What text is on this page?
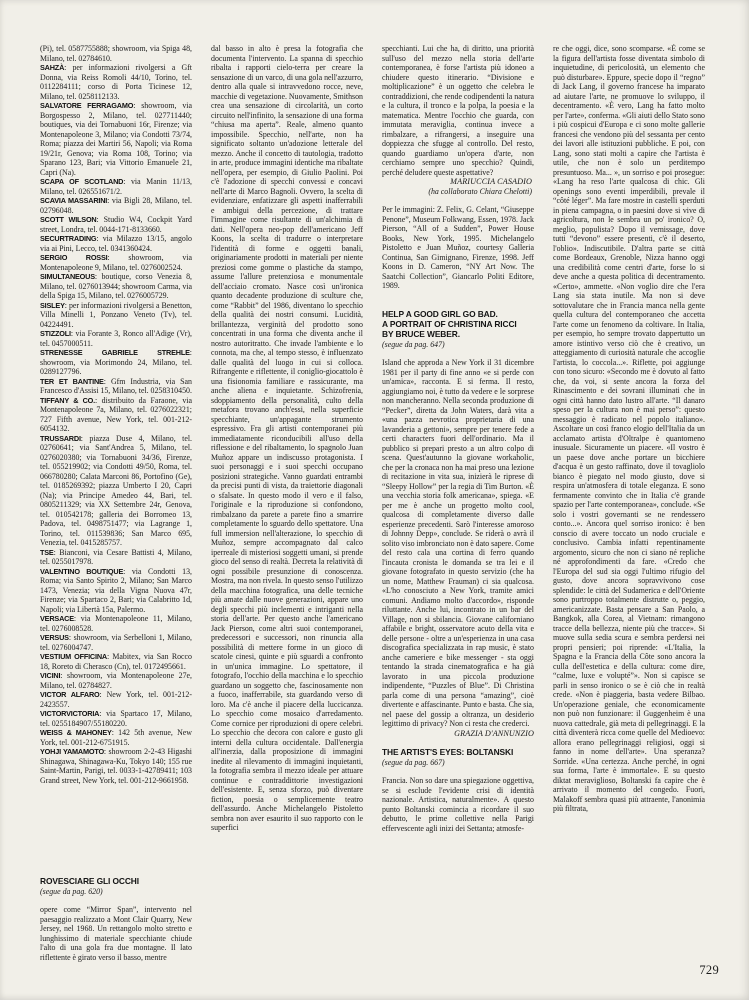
(Pi), tel. 0587755888; showroom, via Spiga 48, Milano, tel. 02784610.

SAHZÀ: per informazioni rivolgersi a Gft Donna, via Reiss Romoli 44/10, Torino, tel. 0112284111; corso di Porta Ticinese 12, Milano, tel. 0258112133.

SALVATORE FERRAGAMO: showroom, via Borgospesso 2, Milano, tel. 027711440; boutiques, via dei Tornabuoni 16r, Firenze; via Montenapoleone 3, Milano; via Condotti 73/74, Roma; piazza dei Martiri 56, Napoli; via Roma 19/21r, Genova; via Roma 108, Torino; via Sparano 123, Bari; via Vittorio Emanuele 21, Capri (Na).

SCAPA OF SCOTLAND: via Manin 11/13, Milano, tel. 026551671/2.

SCAVIA MASSARINI: via Bigli 28, Milano, tel. 02796048.

SCOTT WILSON: Studio W4, Cockpit Yard street, Londra, tel. 0044-171-8133660.

SECURTRADING: via Milazzo 13/15, angolo via ai Pini, Lecco, tel. 0341360424.

SERGIO ROSSI: showroom, via Montenapoleone 9, Milano, tel. 0276002524.

SIMULTANEOUS: boutique, corso Venezia 8, Milano, tel. 0276013944; showroom Carma, via della Spiga 15, Milano, tel. 0276005729.

SISLEY: per informazioni rivolgersi a Benetton, Villa Minelli 1, Ponzano Veneto (Tv), tel. 04224491.

STIZZOLI: via Forante 3, Ronco all'Adige (Vr), tel. 0457000511.

STRENESSE GABRIELE STREHLE: showroom, via Morimondo 24, Milano, tel. 0289127796.

TER ET BANTINE: Gfm Industria, via San Francesco d'Assisi 15, Milano, tel. 0258310450.

TIFFANY & CO.: distribuito da Faraone, via Montenapoleone 7a, Milano, tel. 0276022321; 727 Fifth avenue, New York, tel. 001-212-6054132.

TRUSSARDI: piazza Duse 4, Milano, tel. 02760641; via Sant'Andrea 5, Milano, tel. 0276020380; via Tornabuoni 34/36, Firenze, tel. 055219902; via Condotti 49/50, Roma, tel. 066780280; Calata Marconi 86, Portofino (Ge), tel. 0185269392; piazza Umberto I 20, Capri (Na); via Principe Amedeo 44, Bari, tel. 0805211329; via XX Settembre 24r, Genova, tel. 010542178; galleria dei Borromeo 13, Padova, tel. 0498751477; via Lagrange 1, Torino, tel. 011539836; San Marco 695, Venezia, tel. 0415285757.

TSE: Bianconi, via Cesare Battisti 4, Milano, tel. 0255017978.

VALENTINO BOUTIQUE: via Condotti 13, Roma; via Santo Spirito 2, Milano; San Marco 1473, Venezia; via della Vigna Nuova 47r, Firenze; via Spartaco 2, Bari; via Calabritto 1d, Napoli; via Libertà 15a, Palermo.

VERSACE: via Montenapoleone 11, Milano, tel. 0276008528.

VERSUS: showroom, via Serbelloni 1, Milano, tel. 0276004747.

VESTIUM OFFICINA: Mabitex, via San Rocco 18, Roreto di Cherasco (Cn), tel. 0172495661.

VICINI: showroom, via Montenapoleone 27e, Milano, tel. 02784827.

VICTOR ALFARO: New York, tel. 001-212-2423557.

VICTORVICTORIA: via Spartaco 17, Milano, tel. 0255184907/55180220.

WEISS & MAHONEY: 142 5th avenue, New York, tel. 001-212-6751915.

YOHJI YAMAMOTO: showroom 2-2-43 Higashi Shinagawa, Shinagawa-Ku, Tokyo 140; 155 rue Saint-Martin, Parigi, tel. 0033-1-42789411; 103 Grand street, New York, tel. 001-212-9661958.

ROVESCIARE GLI OCCHI

(segue da pag. 620)

opere come “Mirror Span”, intervento nel paesaggio realizzato a Mont Clair Quarry, New Jersey, nel 1968. Un rettangolo molto stretto e lunghissimo di materiale specchiante chiude l'alto di una gola fra due montagne. Il lato riflettente è girato verso il basso, mentre

dal basso in alto è presa la fotografia che documenta l'intervento. La spanna di specchio ribalta i rapporti cielo-terra per creare la sensazione di un varco, di una gola nell'azzurro, dentro alla quale si intravvedono rocce, neve, macchie di vegetazione. Nuovamente, Smithson crea una sensazione di circolarità, un corto circuito nell'infinito, la sensazione di una forma “chiusa ma aperta”. Reale, almeno quanto impossibile. Specchio, nell'arte, non ha significato soltanto un'adozione letterale del mezzo. Anche il concetto di tautologia, tradotto in arte, produce immagini identiche ma ribaltate nell'opera, per esempio, di Giulio Paolini. Poi c'è l'adozione di specchi convessi e concavi nell'arte di Marco Bagnoli. Ovvero, la scelta di evidenziare, enfatizzare gli aspetti inafferrabili e ambigui della percezione, di trattare l'immagine come risultante di un'alchimia di dati. Nell'opera neo-pop dell'americano Jeff Koons, la scelta di tradurre o interpretare l'identità di forme e oggetti banali, originariamente prodotti in materiali per niente preziosi come gomme o plastiche da stampo, assume l'allure pretenziosa e monumentale dell'acciaio cromato. Nasce così un'ironica quanto decadente produzione di sculture che, come “Rabbit” del 1986, diventano lo specchio della qualità dei nostri consumi. Lucidità, brillantezza, verginità del prodotto sono concentrati in una forma che diventa anche il nostro autoritratto. Che invade l'ambiente e lo connota, ma che, al tempo stesso, è influenzato dalle qualità del luogo in cui si colloca. Rifrangente e riflettente, il coniglio-giocattolo è una fisionomia familiare e rassicurante, ma anche aliena e inquietante. Schizofrenia, sdoppiamento della personalità, culto della metafora trovano anch'essi, nella superficie specchiante, un'appagante strumento espressivo. Fra gli artisti contemporanei più immediatamente riconducibili all'uso della riflessione e del ribaltamento, lo spagnolo Juan Muñoz appare un indiscusso protagonista. I suoi personaggi e i suoi specchi occupano posizioni strategiche. Vanno guardati entrambi da precisi punti di vista, da traiettorie diagonali o sfalsate. In questo modo il vero e il falso, l'originale e la riproduzione si confondono, rimbalzano da parete a parete fino a smarrire completamente lo sguardo dello spettatore. Una full immersion nell'alterazione, lo specchio di Muñoz, sempre accompagnato dal calco iperreale di misteriosi soggetti umani, si prende gioco del senso di realtà. Decreta la relatività di ogni possibile presunzione di conoscenza. Mostra, ma non rivela. In questo senso l'utilizzo della macchina fotografica, una delle tecniche più amate dalle nuove generazioni, appare uno degli specchi più inclementi e intriganti nella storia dell'arte. Per questo anche l'americano Jack Pierson, come altri suoi contemporanei, predecessori e successori, non rinuncia alla possibilità di mettere forme in un gioco di scatole cinesi, quinte e più sguardi a confronto in un'unica immagine. Lo spettatore, il fotografo, l'occhio della macchina e lo specchio guardano un soggetto che, fascinosamente non a fuoco, inafferrabile, sta guardando verso di loro. Ma c'è anche il piacere della luccicanza. Lo specchio come mosaico d'arredamento. Come cornice per riproduzioni di opere celebri. Lo specchio che decora con calore e gusto gli interni della cultura occidentale. Dall'energia all'inerzia, dalla proposizione di immagini inedite al rilevamento di immagini inquietanti, la fotografia sembra il mezzo ideale per attuare continue e contraddittorie investigazioni dell'esistente. E, senza sforzo, può diventare fiction, poesia o semplicemente teatro dell'assurdo. Anche Michelangelo Pistoletto sembra non aver esaurito il suo rapporto con le superfici

specchianti. Lui che ha, di diritto, una priorità sull'uso del mezzo nella storia dell'arte contemporanea, è forse l'artista più idoneo a chiudere questo itinerario. “Divisione e moltiplicazione” è un oggetto che celebra le contraddizioni, che rende codipendenti la natura e la cultura, il tronco e la polpa, la poesia e la matematica. Mentre l'occhio che guarda, con immutata meraviglia, continua invece a rimbalzare, a rifrangersi, a inseguire una doppiezza che sfugge al controllo. Del resto, quando guardiamo un'opera d'arte, non cerchiamo sempre uno specchio? Quindi, perché deludere queste aspettative?

MARIUCCIA CASADIO

(ha collaborato Chiara Chelotti)

Per le immagini: Z. Felix, G. Celant, “Giuseppe Penone”, Museum Folkwang, Essen, 1978. Jack Pierson, “All of a Sudden”, Power House Books, New York, 1995. Michelangelo Pistoletto e Juan Muñoz, courtesy Galleria Continua, San Gimignano, Firenze, 1998. Jeff Koons in D. Cameron, “NY Art Now. The Saatchi Collection”, Giancarlo Politi Editore, 1989.

HELP A GOOD GIRL GO BAD.
A PORTRAIT OF CHRISTINA RICCI
BY BRUCE WEBER.

(segue da pag. 647)

Island che approda a New York il 31 dicembre 1981 per il party di fine anno «e si perde con un'amica», racconta. E si ferma. Il resto, aggiungiamo noi, è tutto da vedere e le sorprese non mancheranno. Nella seconda produzione di “Pecker”, diretta da John Waters, darà vita a «una pazza nevrotica proprietaria di una lavanderia a gettoni», sempre per tenere fede a certi characters fuori dell'ordinario. Ma il pubblico si prepari presto a un altro colpo di scena. Quest'autunno la giovane workaholic, che per la cronaca non ha mai preso una lezione di recitazione in vita sua, inizierà le riprese di “Sleepy Hollow” per la regia di Tim Burton. «È una vecchia storia folk americana», spiega. «E per me è anche un progetto molto cool, qualcosa di completamente diverso dalle esperienze precedenti. Sarò l'interesse amoroso di Johnny Depp», conclude. Se riderà o avrà il solito viso imbronciato non è dato sapere. Come del resto cala una cortina di ferro quando l'incauta cronista le domanda se tra lei e il giovane fotografato in questo servizio (che ha un nome, Matthew Frauman) ci sia qualcosa. «L'ho conosciuto a New York, tramite amici comuni. Andiamo molto d'accordo», risponde riluttante. Anche lui, incontrato in un bar del Village, non si sbilancia. Giovane californiano affabile e bright, osservatore acuto della vita e delle persone - oltre a un'esperienza in una casa discografica specializzata in rap music, è stato anche cameriere e bike messenger - sta oggi tentando la strada cinematografica e ha già lavorato in una piccola produzione indipendente, “Puzzles of Blue”. Di Christina parla come di una persona “amazing”, cioè divertente e affascinante. Punto e basta. Che sia, nel paese del gossip a oltranza, un desiderio legittimo di privacy? Non ci resta che crederci.
GRAZIA D'ANNUNZIO

THE ARTIST'S EYES: BOLTANSKI

(segue da pag. 667)

Francia. Non so dare una spiegazione oggettiva, se si esclude l'evidente crisi di identità nazionale. Artistica, naturalmente». A questo punto Boltanski comincia a ricordare il suo debutto, le prime collettive nella Parigi effervescente agli inizi dei Settanta; atmosfe-

re che oggi, dice, sono scomparse. «È come se la figura dell'artista fosse diventata simbolo di inquietudine, di pericolosità, un elemento che può disturbare». Eppure, specie dopo il “regno” di Jack Lang, il governo francese ha imparato ad aiutare l'arte, ne promuove lo sviluppo, il decentramento. «È vero, Lang ha fatto molto per l'arte», conferma. «Gli aiuti dello Stato sono i più cospicui d'Europa e ci sono molte gallerie francesi che vendono più del sessanta per cento dei lavori alle istituzioni pubbliche. E poi, con Lang, sono stati molti a capire che l'artista è utile, che non è solo un perditempo presuntuoso. Ma... », un sorriso e poi prosegue: «Lang ha reso l'arte qualcosa di chic. Gli openings sono eventi imperdibili, prevale il “côté léger”. Ma fare mostre in castelli sperduti in piena campagna, o in paesini dove si vive di agricoltura, non le sembra un po' ironico? O, meglio, populista? Dopo il vernissage, dove tutti “devono” essere presenti, c'è il deserto, l'oblio». Indiscutibile. D'altra parte se città come Bordeaux, Grenoble, Nizza hanno oggi una credibilità come centri d'arte, forse lo si deve anche a questa politica di decentramento. «Certo», ammette. «Non voglio dire che l'era Lang sia stata inutile. Ma non si deve sottovalutare che in Francia manca nella gente quella cultura del contemporaneo che accetta l'arte come un fenomeno da coltivare. In Italia, per esempio, ho sempre trovato dappertutto un amore istintivo verso ciò che è creativo, un atteggiamento di curiosità naturale che accoglie l'artista, lo coccola...». Riflette, poi aggiunge con tono sicuro: «Secondo me è dovuto al fatto che, da voi, si sente ancora la forza del Rinascimento e dei sovrani illuminati che in ogni città hanno dato lustro all'arte. “Il danaro speso per la cultura non è mai perso”: questo messaggio è radicato nel popolo italiano». Ascoltare un così franco elogio dell'Italia da un acclamato artista d'Oltralpe è quantomeno inusuale. Sicuramente un piacere. «Il vostro è un paese dove anche portare un bicchiere d'acqua è un gesto raffinato, dove il tovagliolo bianco è piegato nel modo giusto, dove si respira un'atmosfera di totale eleganza. E sono fermamente convinto che in Italia c'è grande spazio per l'arte contemporanea», conclude. «Se solo i vostri governanti se ne rendessero conto...». Ancora quel sorriso ironico: è ben conscio di avere toccato un nodo cruciale e conclusivo. Cambia infatti repentinamente argomento, sicuro che non ci siano né repliche né approfondimenti da fare. «Credo che l'Europa del sud sia oggi l'ultimo rifugio del gusto, dove ancora sopravvivono cose splendide: le città del Sudamerica e dell'Oriente sono purtroppo totalmente distrutte o, peggio, americanizzate. Basta pensare a San Paolo, a Bangkok, alla Corea, al Vietnam: rimangono tracce della bellezza, niente più che tracce». Si muove sulla sedia scura e sembra perdersi nei propri pensieri; poi riprende: «L'Italia, la Spagna e la Francia della Côte sono ancora la culla dell'estetica e della cultura: come dire, “calme, luxe e volupté”». Non si capisce se parli in senso ironico o se è ciò che in realtà crede. «Non è piaggeria, basta vedere Bilbao. Un'operazione geniale, che economicamente non può non funzionare: il Guggenheim è una nuova cattedrale, già meta di pellegrinaggi. E la città diventerà ricca come quelle del Medioevo: allora erano pellegrinaggi religiosi, oggi si fanno in nome dell'arte». Una speranza? Sorride. «Una certezza. Anche perché, in ogni sua forma, l'arte è immortale». E su questo diktat meraviglioso, Boltanski fa capire che è arrivato il momento del congedo. Fuori, Malakoff sembra quasi più attraente, l'anonimia più filtrata,

729
